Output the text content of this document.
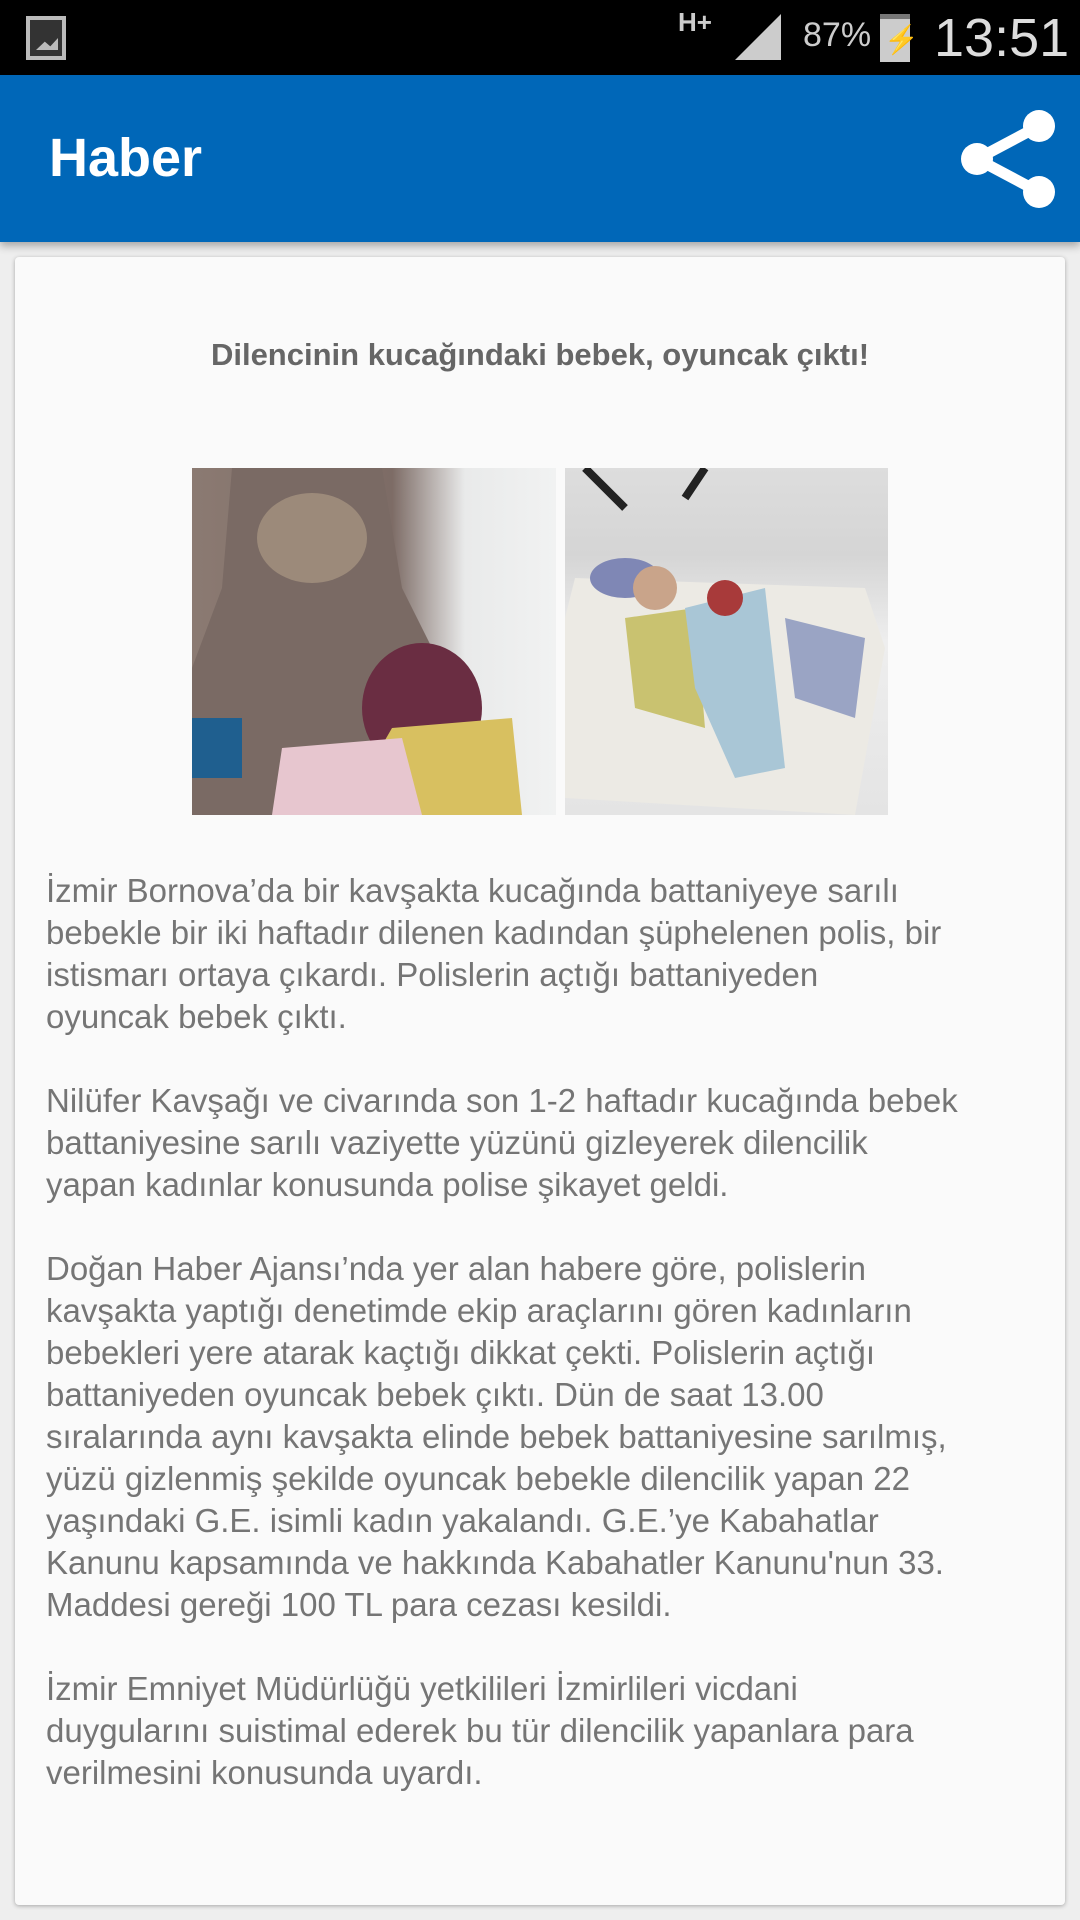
H+	87% ⚡ 13:51
Haber
Dilencinin kucağındaki bebek, oyuncak çıktı!
İzmir Bornova’da bir kavşakta kucağında battaniyeye sarılı
bebekle bir iki haftadır dilenen kadından şüphelenen polis, bir
istismarı ortaya çıkardı. Polislerin açtığı battaniyeden
oyuncak bebek çıktı.
Nilüfer Kavşağı ve civarında son 1-2 haftadır kucağında bebek
battaniyesine sarılı vaziyette yüzünü gizleyerek dilencilik
yapan kadınlar konusunda polise şikayet geldi.
Doğan Haber Ajansı’nda yer alan habere göre, polislerin
kavşakta yaptığı denetimde ekip araçlarını gören kadınların
bebekleri yere atarak kaçtığı dikkat çekti. Polislerin açtığı
battaniyeden oyuncak bebek çıktı. Dün de saat 13.00
sıralarında aynı kavşakta elinde bebek battaniyesine sarılmış,
yüzü gizlenmiş şekilde oyuncak bebekle dilencilik yapan 22
yaşındaki G.E. isimli kadın yakalandı. G.E.’ye Kabahatlar
Kanunu kapsamında ve hakkında Kabahatler Kanunu'nun 33.
Maddesi gereği 100 TL para cezası kesildi.
İzmir Emniyet Müdürlüğü yetkilileri İzmirlileri vicdani
duygularını suistimal ederek bu tür dilencilik yapanlara para
verilmesini konusunda uyardı.
